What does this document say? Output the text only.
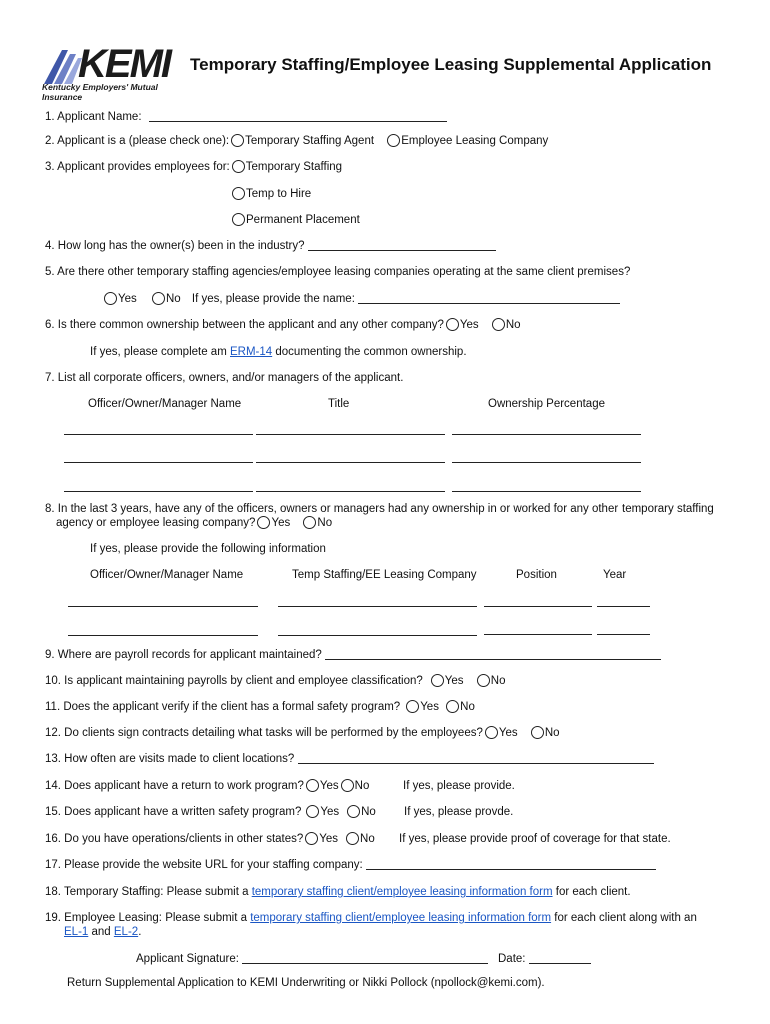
KEMI
Kentucky Employers' Mutual Insurance
Temporary Staffing/Employee Leasing Supplemental Application
1. Applicant Name:
2. Applicant is a (please check one): Temporary Staffing Agent Employee Leasing Company
3. Applicant provides employees for: Temporary Staffing
Temp to Hire
Permanent Placement
4. How long has the owner(s) been in the industry?
5. Are there other temporary staffing agencies/employee leasing companies operating at the same client premises?
Yes	No If yes, please provide the name:
6. Is there common ownership between the applicant and any other company? Yes No
If yes, please complete am ERM-14 documenting the common ownership.
7. List all corporate officers, owners, and/or managers of the applicant.
Officer/Owner/Manager Name	Title	Ownership Percentage
8. In the last 3 years, have any of the officers, owners or managers had any ownership in or worked for any other temporary staffing
agency or employee leasing company? Yes No
If yes, please provide the following information
Officer/Owner/Manager Name	Temp Staffing/EE Leasing Company	Position	Year
9. Where are payroll records for applicant maintained?
10. Is applicant maintaining payrolls by client and employee classification? Yes No
11. Does the applicant verify if the client has a formal safety program? Yes No
12. Do clients sign contracts detailing what tasks will be performed by the employees? Yes No
13. How often are visits made to client locations?
14. Does applicant have a return to work program? Yes No	If yes, please provide.
15. Does applicant have a written safety program? Yes No If yes, please provde.
16. Do you have operations/clients in other states? Yes No If yes, please provide proof of coverage for that state.
17. Please provide the website URL for your staffing company:
18. Temporary Staffing: Please submit a temporary staffing client/employee leasing information form for each client.
19. Employee Leasing: Please submit a temporary staffing client/employee leasing information form for each client along with an
EL-1 and EL-2.
Applicant Signature:	Date:
Return Supplemental Application to KEMI Underwriting or Nikki Pollock (npollock@kemi.com).
